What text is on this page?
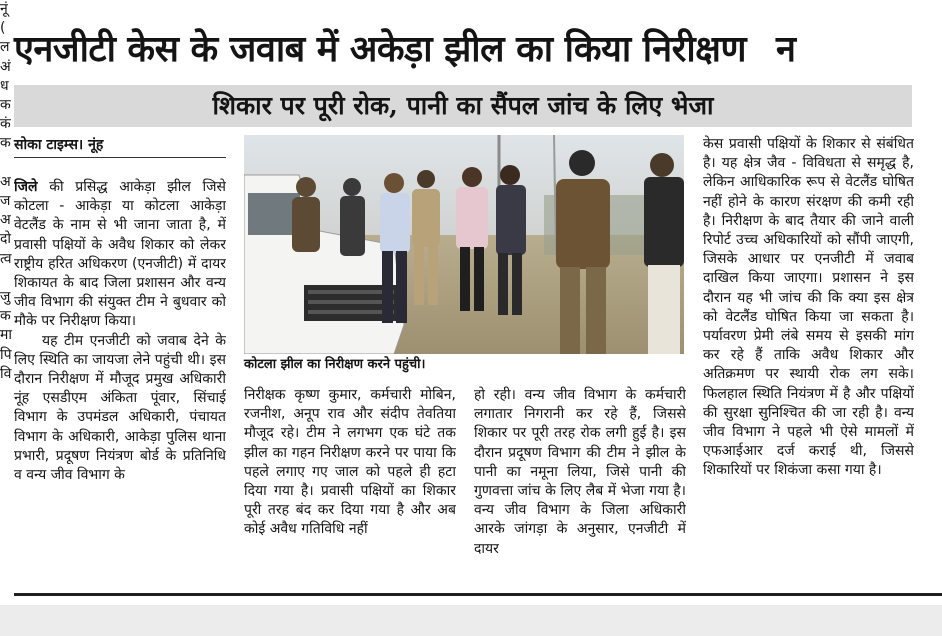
एनजीटी केस के जवाब में अकेड़ा झील का किया निरीक्षण न
शिकार पर पूरी रोक, पानी का सैंपल जांच के लिए भेजा
सोका टाइम्स। नूंह

जिले की प्रसिद्ध आकेड़ा झील जिसे कोटला - आकेड़ा या कोटला आकेड़ा वेटलैंड के नाम से भी जाना जाता है, में प्रवासी पक्षियों के अवैध शिकार को लेकर राष्ट्रीय हरित अधिकरण (एनजीटी) में दायर शिकायत के बाद जिला प्रशासन और वन्य जीव विभाग की संयुक्त टीम ने बुधवार को मौके पर निरीक्षण किया।

यह टीम एनजीटी को जवाब देने के लिए स्थिति का जायजा लेने पहुंची थी। इस दौरान निरीक्षण में मौजूद प्रमुख अधिकारी नूंह एसडीएम अंकिता पूंवार, सिंचाई विभाग के उपमंडल अधिकारी, पंचायत विभाग के अधिकारी, आकेड़ा पुलिस थाना प्रभारी, प्रदूषण नियंत्रण बोर्ड के प्रतिनिधि व वन्य जीव विभाग के

कोटला झील का निरीक्षण करने पहुंची।

निरीक्षक कृष्ण कुमार, कर्मचारी मोबिन, रजनीश, अनूप राव और संदीप तेवतिया मौजूद रहे। टीम ने लगभग एक घंटे तक झील का गहन निरीक्षण करने पर पाया कि पहले लगाए गए जाल को पहले ही हटा दिया गया है। प्रवासी पक्षियों का शिकार पूरी तरह बंद कर दिया गया है और अब कोई अवैध गतिविधि नहीं

हो रही। वन्य जीव विभाग के कर्मचारी लगातार निगरानी कर रहे हैं, जिससे शिकार पर पूरी तरह रोक लगी हुई है। इस दौरान प्रदूषण विभाग की टीम ने झील के पानी का नमूना लिया, जिसे पानी की गुणवत्ता जांच के लिए लैब में भेजा गया है। वन्य जीव विभाग के जिला अधिकारी आरके जांगड़ा के अनुसार, एनजीटी में दायर

केस प्रवासी पक्षियों के शिकार से संबंधित है। यह क्षेत्र जैव - विविधता से समृद्ध है, लेकिन आधिकारिक रूप से वेटलैंड घोषित नहीं होने के कारण संरक्षण की कमी रही है। निरीक्षण के बाद तैयार की जाने वाली रिपोर्ट उच्च अधिकारियों को सौंपी जाएगी, जिसके आधार पर एनजीटी में जवाब दाखिल किया जाएगा। प्रशासन ने इस दौरान यह भी जांच की कि क्या इस क्षेत्र को वेटलैंड घोषित किया जा सकता है। पर्यावरण प्रेमी लंबे समय से इसकी मांग कर रहे हैं ताकि अवैध शिकार और अतिक्रमण पर स्थायी रोक लग सके। फिलहाल स्थिति नियंत्रण में है और पक्षियों की सुरक्षा सुनिश्चित की जा रही है। वन्य जीव विभाग ने पहले भी ऐसे मामलों में एफआईआर दर्ज कराई थी, जिससे शिकारियों पर शिकंजा कसा गया है।

नूं
(
ल
अं
ध
क
कं
क

अ
ज
अ
दो
त्व

जु
क
मा
पि
वि
